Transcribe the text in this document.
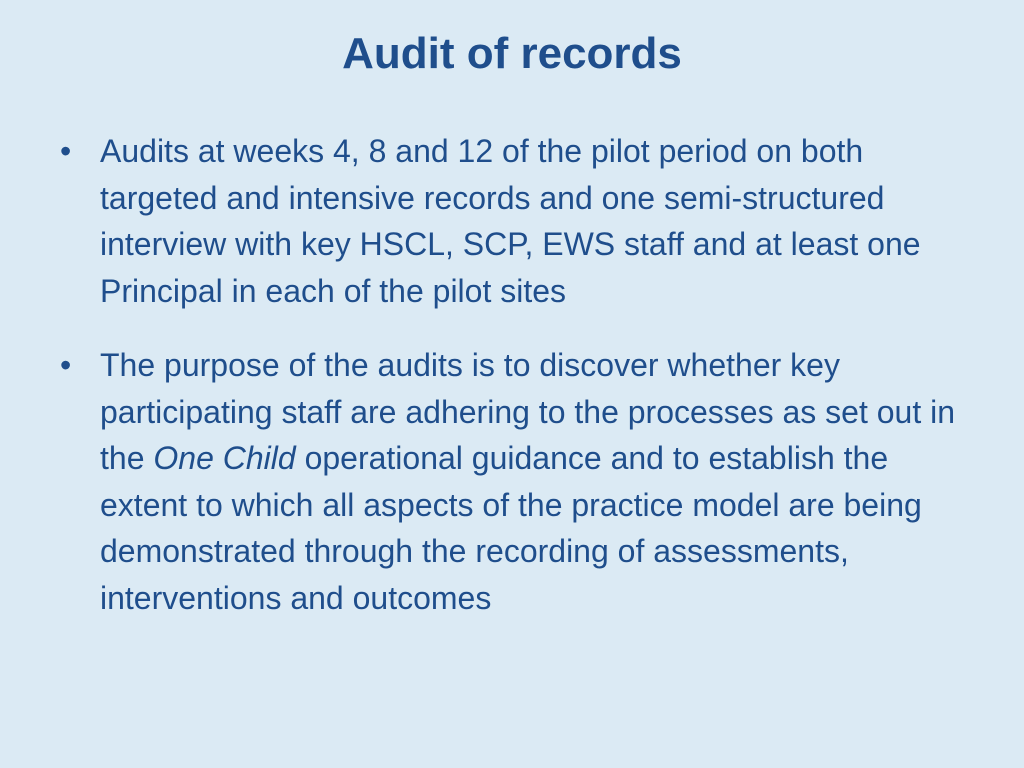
Audit of records
• Audits at weeks 4, 8 and 12 of the pilot period on both targeted and intensive records and one semi-structured interview with key HSCL, SCP, EWS staff and at least one Principal in each of the pilot sites
• The purpose of the audits is to discover whether key participating staff are adhering to the processes as set out in the One Child operational guidance and to establish the extent to which all aspects of the practice model are being demonstrated through the recording of assessments, interventions and outcomes
